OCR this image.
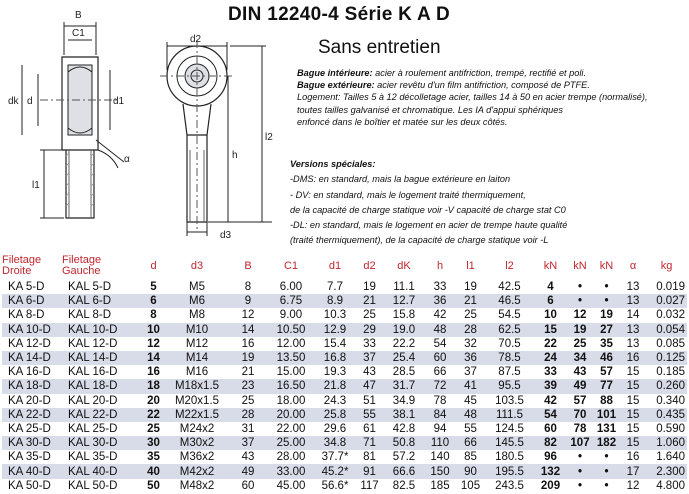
DIN 12240-4 Série K A D
Sans entretien
B
C1
dk d	d1
l1
α
d2
h
l2
d3

Bague intérieure: acier à roulement antifriction, trempé, rectifié et poli.

Bague extérieure: acier revêtu d'un film antifriction, composé de PTFE.

Logement: Tailles 5 à 12 décolletage acier, tailles 14 à 50 en acier trempe (normalisé),

toutes tailles galvanisé et chromatique. Les IA d'appui sphériques

enfoncé dans le boîtier et matée sur les deux côtés.

Versions spéciales:

-DMS: en standard, mais la bague extérieure en laiton

- DV: en standard, mais le logement traité thermiquement,

de la capacité de charge statique voir -V capacité de charge stat C0

-DL: en standard, mais le logement en acier de trempe haute qualité

(traité thermiquement), de la capacité de charge statique voir -L

Filetage
Droite	Filetage
Gauche	d	d3	B	C1	d1	d2	dK	h	l1	l2	kN	kN	kN	α	kg
KA 5-D	KAL 5-D	5	M5	8	6.00	7.7	19	11.1	33	19	42.5	4	•	•	13	0.019
KA 6-D	KAL 6-D	6	M6	9	6.75	8.9	21	12.7	36	21	46.5	6	•	•	13	0.027
KA 8-D	KAL 8-D	8	M8	12	9.00	10.3	25	15.8	42	25	54.5	10	12	19	14	0.032
KA 10-D	KAL 10-D	10	M10	14	10.50	12.9	29	19.0	48	28	62.5	15	19	27	13	0.054
KA 12-D	KAL 12-D	12	M12	16	12.00	15.4	33	22.2	54	32	70.5	22	25	35	13	0.085
KA 14-D	KAL 14-D	14	M14	19	13.50	16.8	37	25.4	60	36	78.5	24	34	46	16	0.125
KA 16-D	KAL 16-D	16	M16	21	15.00	19.3	43	28.5	66	37	87.5	33	43	57	15	0.185
KA 18-D	KAL 18-D	18	M18x1.5	23	16.50	21.8	47	31.7	72	41	95.5	39	49	77	15	0.260
KA 20-D	KAL 20-D	20	M20x1.5	25	18.00	24.3	51	34.9	78	45	103.5	42	57	88	15	0.340
KA 22-D	KAL 22-D	22	M22x1.5	28	20.00	25.8	55	38.1	84	48	111.5	54	70	101	15	0.435
KA 25-D	KAL 25-D	25	M24x2	31	22.00	29.6	61	42.8	94	55	124.5	60	78	131	15	0.590
KA 30-D	KAL 30-D	30	M30x2	37	25.00	34.8	71	50.8	110	66	145.5	82	107	182	15	1.060
KA 35-D	KAL 35-D	35	M36x2	43	28.00	37.7*	81	57.2	140	85	180.5	96	•	•	16	1.640
KA 40-D	KAL 40-D	40	M42x2	49	33.00	45.2*	91	66.6	150	90	195.5	132	•	•	17	2.300
KA 50-D	KAL 50-D	50	M48x2	60	45.00	56.6*	117	82.5	185	105	243.5	209	•	•	12	4.800
